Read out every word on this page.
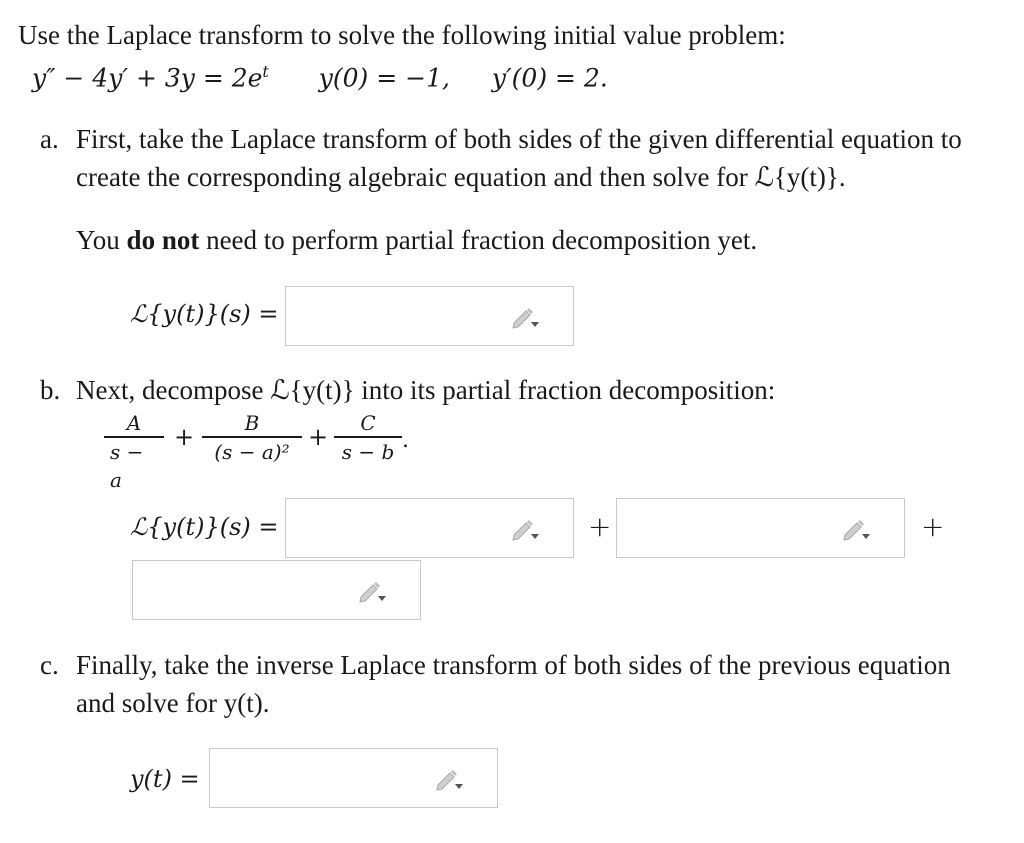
Use the Laplace transform to solve the following initial value problem:
$y'' - 4y' + 3y = 2e^t$ y(0) = −1, y′(0) = 2.
a. First, take the Laplace transform of both sides of the given differential equation to
create the corresponding algebraic equation and then solve for ℒ{y(t)}.
You do not need to perform partial fraction decomposition yet.
ℒ{y(t)}(s) =
b. Next, decompose ℒ{y(t)} into its partial fraction decomposition:
A
s − a
+	B
(s − a)²
+	C
s − b .
ℒ{y(t)}(s) =	+	+
c. Finally, take the inverse Laplace transform of both sides of the previous equation
and solve for y(t).
y(t) =
